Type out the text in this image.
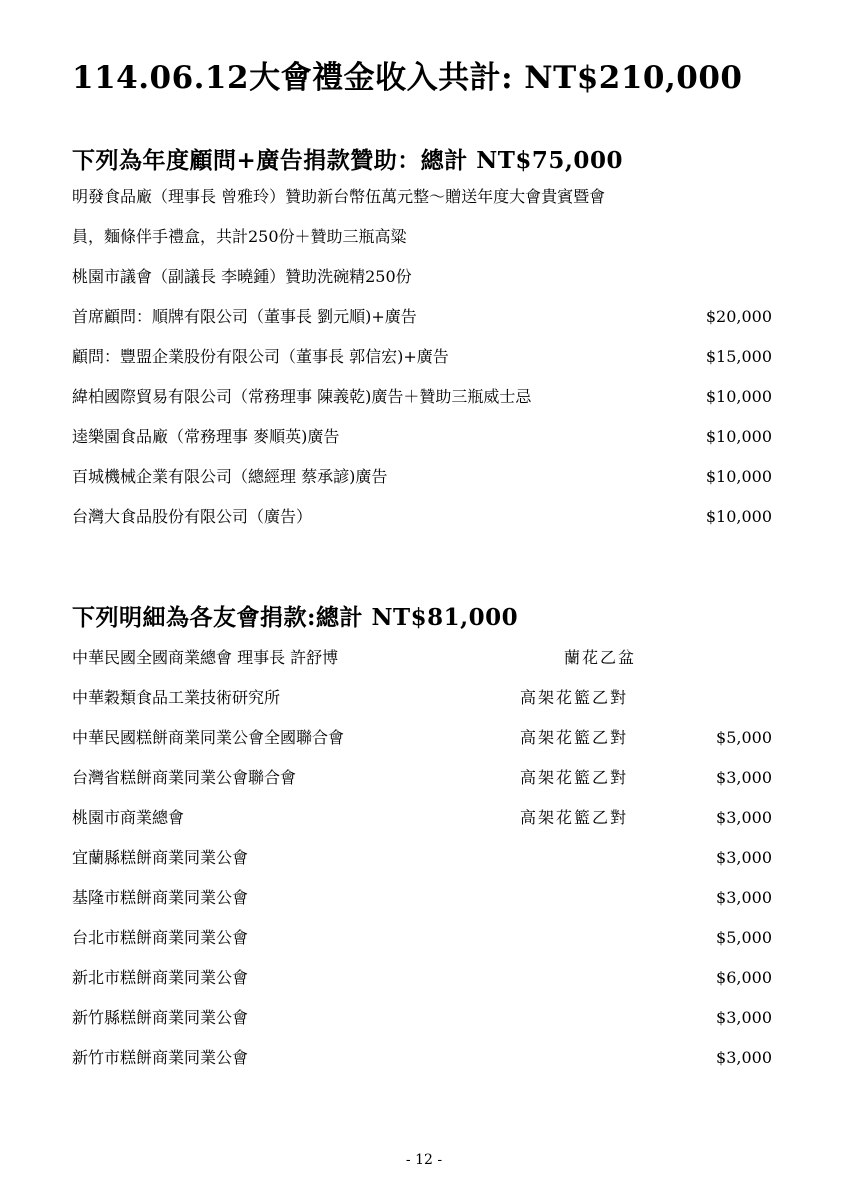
114.06.12大會禮金收入共計: NT$210,000
下列為年度顧問+廣告捐款贊助：總計 NT$75,000
明發食品廠（理事長 曾雅玲）贊助新台幣伍萬元整～贈送年度大會貴賓暨會
員，麵條伴手禮盒，共計250份＋贊助三瓶高粱
桃園市議會（副議長 李曉鍾）贊助洗碗精250份
首席顧問：順牌有限公司（董事長 劉元順)+廣告	$20,000
顧問：豐盟企業股份有限公司（董事長 郭信宏)+廣告	$15,000
緯柏國際貿易有限公司（常務理事 陳義乾)廣告＋贊助三瓶威士忌	$10,000
逵樂園食品廠（常務理事 麥順英)廣告	$10,000
百城機械企業有限公司（總經理 蔡承諺)廣告	$10,000
台灣大食品股份有限公司（廣告）	$10,000
下列明細為各友會捐款:總計 NT$81,000
中華民國全國商業總會 理事長 許舒博	蘭花乙盆
中華穀類食品工業技術研究所	高架花籃乙對
中華民國糕餅商業同業公會全國聯合會	高架花籃乙對	$5,000
台灣省糕餅商業同業公會聯合會	高架花籃乙對	$3,000
桃園市商業總會	高架花籃乙對	$3,000
宜蘭縣糕餅商業同業公會	$3,000
基隆市糕餅商業同業公會	$3,000
台北市糕餅商業同業公會	$5,000
新北市糕餅商業同業公會	$6,000
新竹縣糕餅商業同業公會	$3,000
新竹市糕餅商業同業公會	$3,000
- 12 -
